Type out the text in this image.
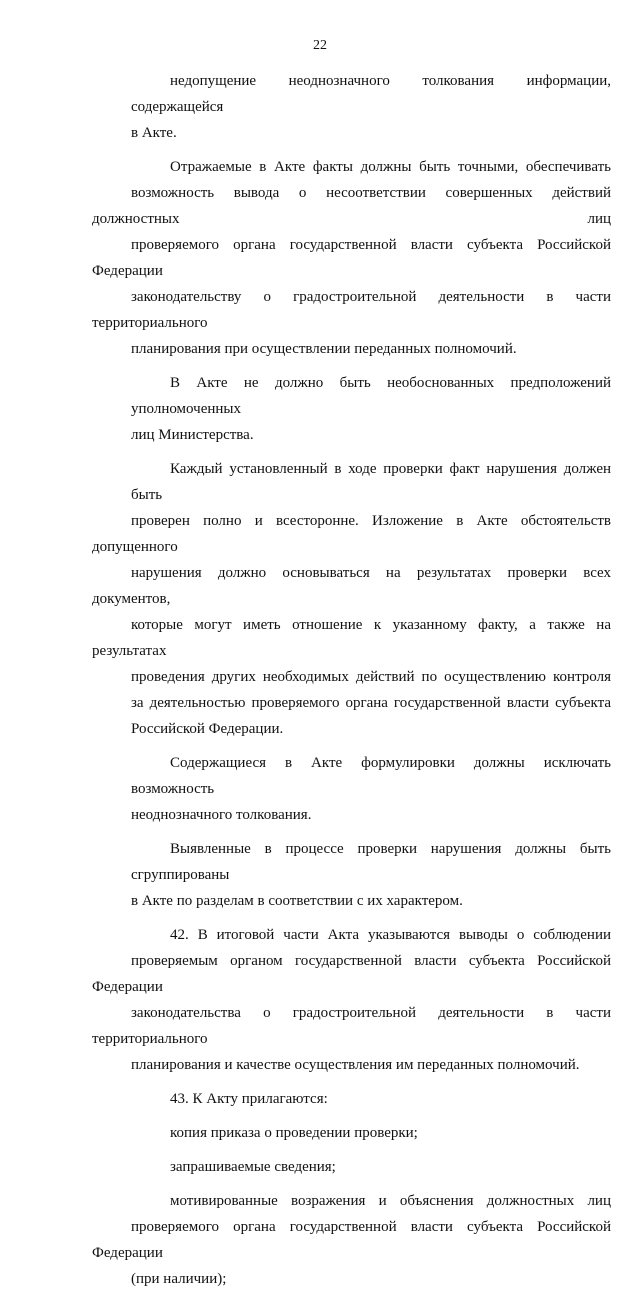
22
недопущение неоднозначного толкования информации, содержащейся
в Акте.
Отражаемые в Акте факты должны быть точными, обеспечивать
возможность вывода о несоответствии совершенных действий должностных лиц
проверяемого органа государственной власти субъекта Российской Федерации
законодательству о градостроительной деятельности в части территориального
планирования при осуществлении переданных полномочий.
В Акте не должно быть необоснованных предположений уполномоченных
лиц Министерства.
Каждый установленный в ходе проверки факт нарушения должен быть
проверен полно и всесторонне. Изложение в Акте обстоятельств допущенного
нарушения должно основываться на результатах проверки всех документов,
которые могут иметь отношение к указанному факту, а также на результатах
проведения других необходимых действий по осуществлению контроля
за деятельностью проверяемого органа государственной власти субъекта
Российской Федерации.
Содержащиеся в Акте формулировки должны исключать возможность
неоднозначного толкования.
Выявленные в процессе проверки нарушения должны быть сгруппированы
в Акте по разделам в соответствии с их характером.
42. В итоговой части Акта указываются выводы о соблюдении
проверяемым органом государственной власти субъекта Российской Федерации
законодательства о градостроительной деятельности в части территориального
планирования и качестве осуществления им переданных полномочий.
43. К Акту прилагаются:
копия приказа о проведении проверки;
запрашиваемые сведения;
мотивированные возражения и объяснения должностных лиц
проверяемого органа государственной власти субъекта Российской Федерации
(при наличии);
